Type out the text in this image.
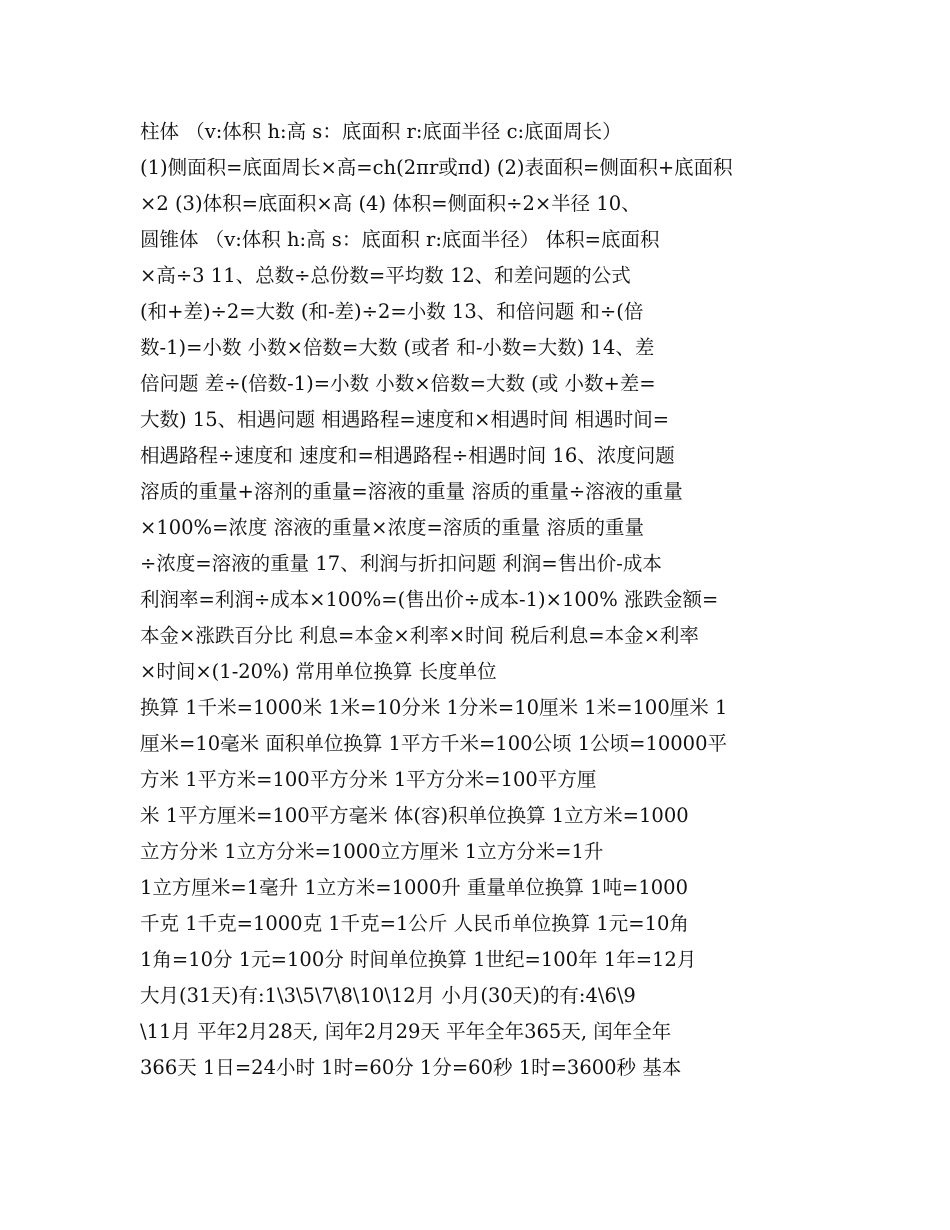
柱体 （v:体积 h:高 s：底面积 r:底面半径 c:底面周长）
(1)侧面积=底面周长×高=ch(2πr或πd) (2)表面积=侧面积+底面积
×2 (3)体积=底面积×高 (4) 体积=侧面积÷2×半径 10、
圆锥体 （v:体积 h:高 s：底面积 r:底面半径） 体积=底面积
×高÷3 11、总数÷总份数=平均数 12、和差问题的公式
(和+差)÷2=大数 (和-差)÷2=小数 13、和倍问题 和÷(倍
数-1)=小数 小数×倍数=大数 (或者 和-小数=大数) 14、差
倍问题 差÷(倍数-1)=小数 小数×倍数=大数 (或 小数+差=
大数) 15、相遇问题 相遇路程=速度和×相遇时间 相遇时间=
相遇路程÷速度和 速度和=相遇路程÷相遇时间 16、浓度问题
溶质的重量+溶剂的重量=溶液的重量 溶质的重量÷溶液的重量
×100%=浓度 溶液的重量×浓度=溶质的重量 溶质的重量
÷浓度=溶液的重量 17、利润与折扣问题 利润=售出价-成本
利润率=利润÷成本×100%=(售出价÷成本-1)×100% 涨跌金额=
本金×涨跌百分比 利息=本金×利率×时间 税后利息=本金×利率
×时间×(1-20%) 常用单位换算 长度单位
换算 1千米=1000米 1米=10分米 1分米=10厘米 1米=100厘米 1
厘米=10毫米 面积单位换算 1平方千米=100公顷 1公顷=10000平
方米 1平方米=100平方分米 1平方分米=100平方厘
米 1平方厘米=100平方毫米 体(容)积单位换算 1立方米=1000
立方分米 1立方分米=1000立方厘米 1立方分米=1升
1立方厘米=1毫升 1立方米=1000升 重量单位换算 1吨=1000
千克 1千克=1000克 1千克=1公斤 人民币单位换算 1元=10角
1角=10分 1元=100分 时间单位换算 1世纪=100年 1年=12月
大月(31天)有:1\3\5\7\8\10\12月 小月(30天)的有:4\6\9
\11月 平年2月28天, 闰年2月29天 平年全年365天, 闰年全年
366天 1日=24小时 1时=60分 1分=60秒 1时=3600秒 基本
